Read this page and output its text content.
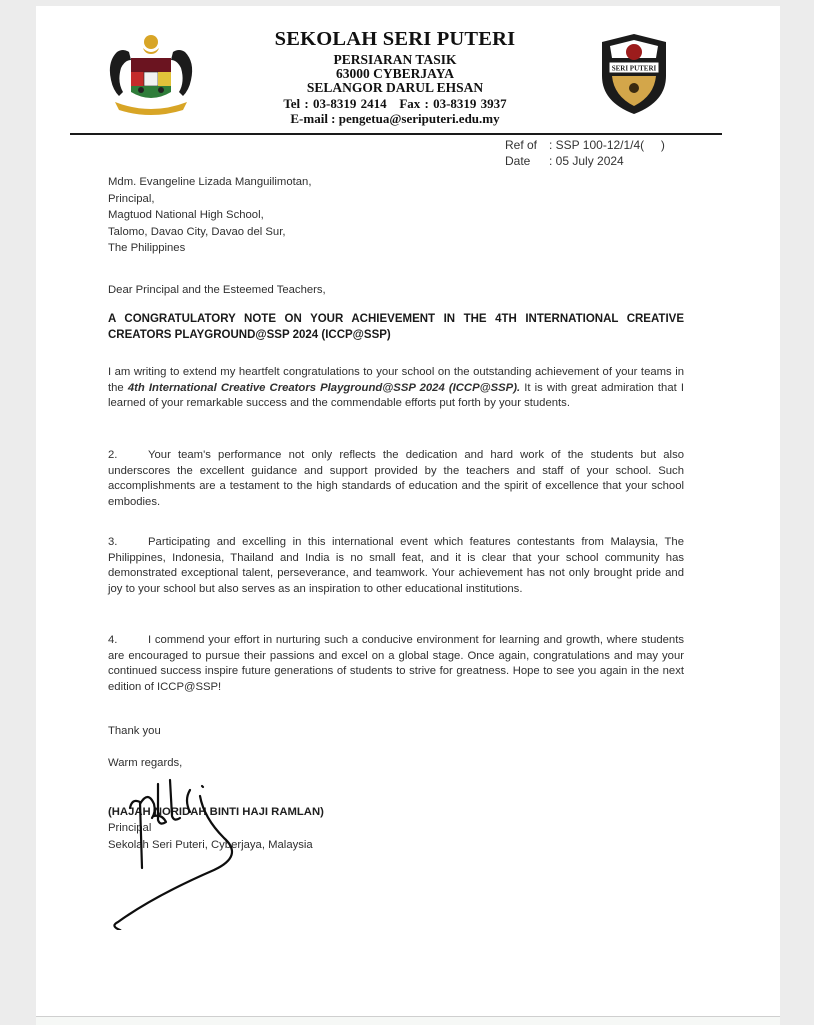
SEKOLAH SERI PUTERI
PERSIARAN TASIK
63000 CYBERJAYA
SELANGOR DARUL EHSAN
Tel : 03-8319 2414   Fax : 03-8319 3937
E-mail : pengetua@seriputeri.edu.my
SERI PUTERI
Ref of : SSP 100-12/1/4(     )
Date : 05 July 2024
Mdm. Evangeline Lizada Manguilimotan,
Principal,
Magtuod National High School,
Talomo, Davao City, Davao del Sur,
The Philippines
Dear Principal and the Esteemed Teachers,
A CONGRATULATORY NOTE ON YOUR ACHIEVEMENT IN THE 4TH INTERNATIONAL CREATIVE CREATORS PLAYGROUND@SSP 2024 (ICCP@SSP)
I am writing to extend my heartfelt congratulations to your school on the outstanding achievement of your teams in the 4th International Creative Creators Playground@SSP 2024 (ICCP@SSP). It is with great admiration that I learned of your remarkable success and the commendable efforts put forth by your students.
2.	Your team's performance not only reflects the dedication and hard work of the students but also underscores the excellent guidance and support provided by the teachers and staff of your school. Such accomplishments are a testament to the high standards of education and the spirit of excellence that your school embodies.
3.	Participating and excelling in this international event which features contestants from Malaysia, The Philippines, Indonesia, Thailand and India is no small feat, and it is clear that your school community has demonstrated exceptional talent, perseverance, and teamwork. Your achievement has not only brought pride and joy to your school but also serves as an inspiration to other educational institutions.
4.	I commend your effort in nurturing such a conducive environment for learning and growth, where students are encouraged to pursue their passions and excel on a global stage. Once again, congratulations and may your continued success inspire future generations of students to strive for greatness. Hope to see you again in the next edition of ICCP@SSP!
Thank you
Warm regards,
(HAJAH NORIDAH BINTI HAJI RAMLAN)
Principal
Sekolah Seri Puteri, Cyberjaya, Malaysia
